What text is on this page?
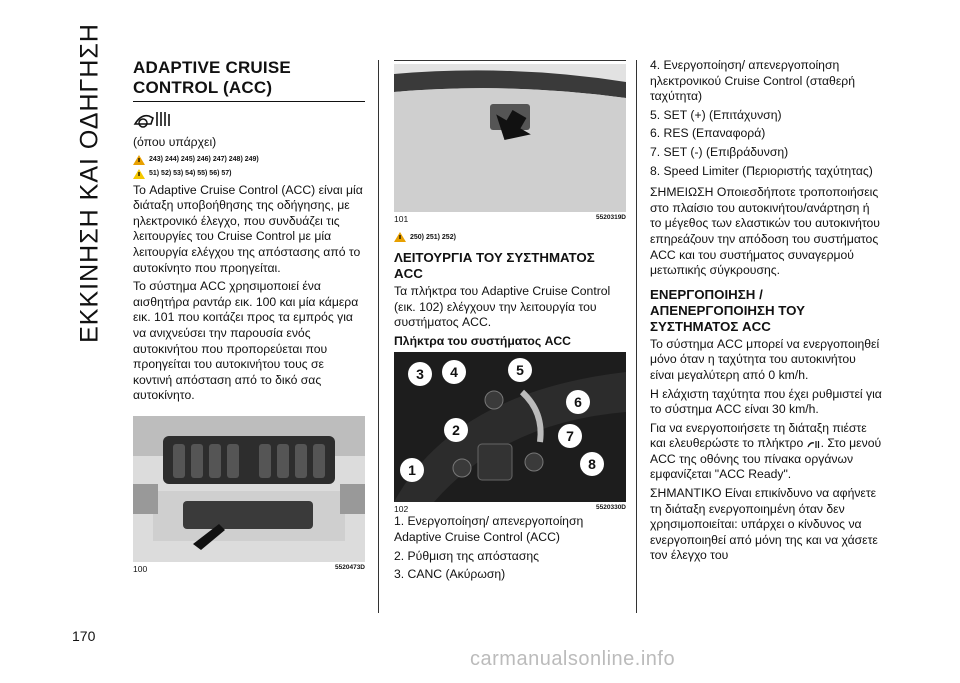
ΕΚΚΙΝΗΣΗ ΚΑΙ ΟΔΗΓΗΣΗ
170
ADAPTIVE CRUISE
CONTROL (ACC)

(όπου υπάρχει)

243) 244) 245) 246) 247) 248) 249)
51) 52) 53) 54) 55) 56) 57)

Το Adaptive Cruise Control (ACC) είναι μία διάταξη υποβοήθησης της οδήγησης, με ηλεκτρονικό έλεγχο, που συνδυάζει τις λειτουργίες του Cruise Control με μία λειτουργία ελέγχου της απόστασης από το αυτοκίνητο που προηγείται.

Το σύστημα ACC χρησιμοποιεί ένα αισθητήρα ραντάρ εικ. 100 και μία κάμερα εικ. 101 που κοιτάζει προς τα εμπρός για να ανιχνεύσει την παρουσία ενός αυτοκινήτου που προπορεύεται που προηγείται του αυτοκινήτου τους σε κοντινή απόσταση από το δικό σας αυτοκίνητο.

100	5520473D
101	5520319D
250) 251) 252)
ΛΕΙΤΟΥΡΓΙΑ ΤΟΥ ΣΥΣΤΗΜΑΤΟΣ ACC

Τα πλήκτρα του Adaptive Cruise Control (εικ. 102) ελέγχουν την λειτουργία του συστήματος ACC.

Πλήκτρα του συστήματος ACC

3	4	5
6
2	7
1	8
102	5520330D

1. Ενεργοποίηση/ απενεργοποίηση Adaptive Cruise Control (ACC)

2. Ρύθμιση της απόστασης

3. CANC (Ακύρωση)

4. Ενεργοποίηση/ απενεργοποίηση ηλεκτρονικού Cruise Control (σταθερή ταχύτητα)

5. SET (+) (Επιτάχυνση)

6. RES (Επαναφορά)

7. SET (-) (Επιβράδυνση)

8. Speed Limiter (Περιοριστής ταχύτητας)

ΣΗΜΕΙΩΣΗ Οποιεσδήποτε τροποποιήσεις στο πλαίσιο του αυτοκινήτου/ανάρτηση ή το μέγεθος των ελαστικών του αυτοκινήτου επηρεάζουν την απόδοση του συστήματος ACC και του συστήματος συναγερμού μετωπικής σύγκρουσης.

ΕΝΕΡΓΟΠΟΙΗΣΗ / ΑΠΕΝΕΡΓΟΠΟΙΗΣΗ ΤΟΥ ΣΥΣΤΗΜΑΤΟΣ ACC

Το σύστημα ACC μπορεί να ενεργοποιηθεί μόνο όταν η ταχύτητα του αυτοκινήτου είναι μεγαλύτερη από 0 km/h.

Η ελάχιστη ταχύτητα που έχει ρυθμιστεί για το σύστημα ACC είναι 30 km/h.

Για να ενεργοποιήσετε τη διάταξη πιέστε και ελευθερώστε το πλήκτρο . Στο μενού ACC της οθόνης του πίνακα οργάνων εμφανίζεται "ACC Ready".

ΣΗΜΑΝΤΙΚΟ Είναι επικίνδυνο να αφήνετε τη διάταξη ενεργοποιημένη όταν δεν χρησιμοποιείται: υπάρχει ο κίνδυνος να ενεργοποιηθεί από μόνη της και να χάσετε τον έλεγχο του

carmanualsonline.info
